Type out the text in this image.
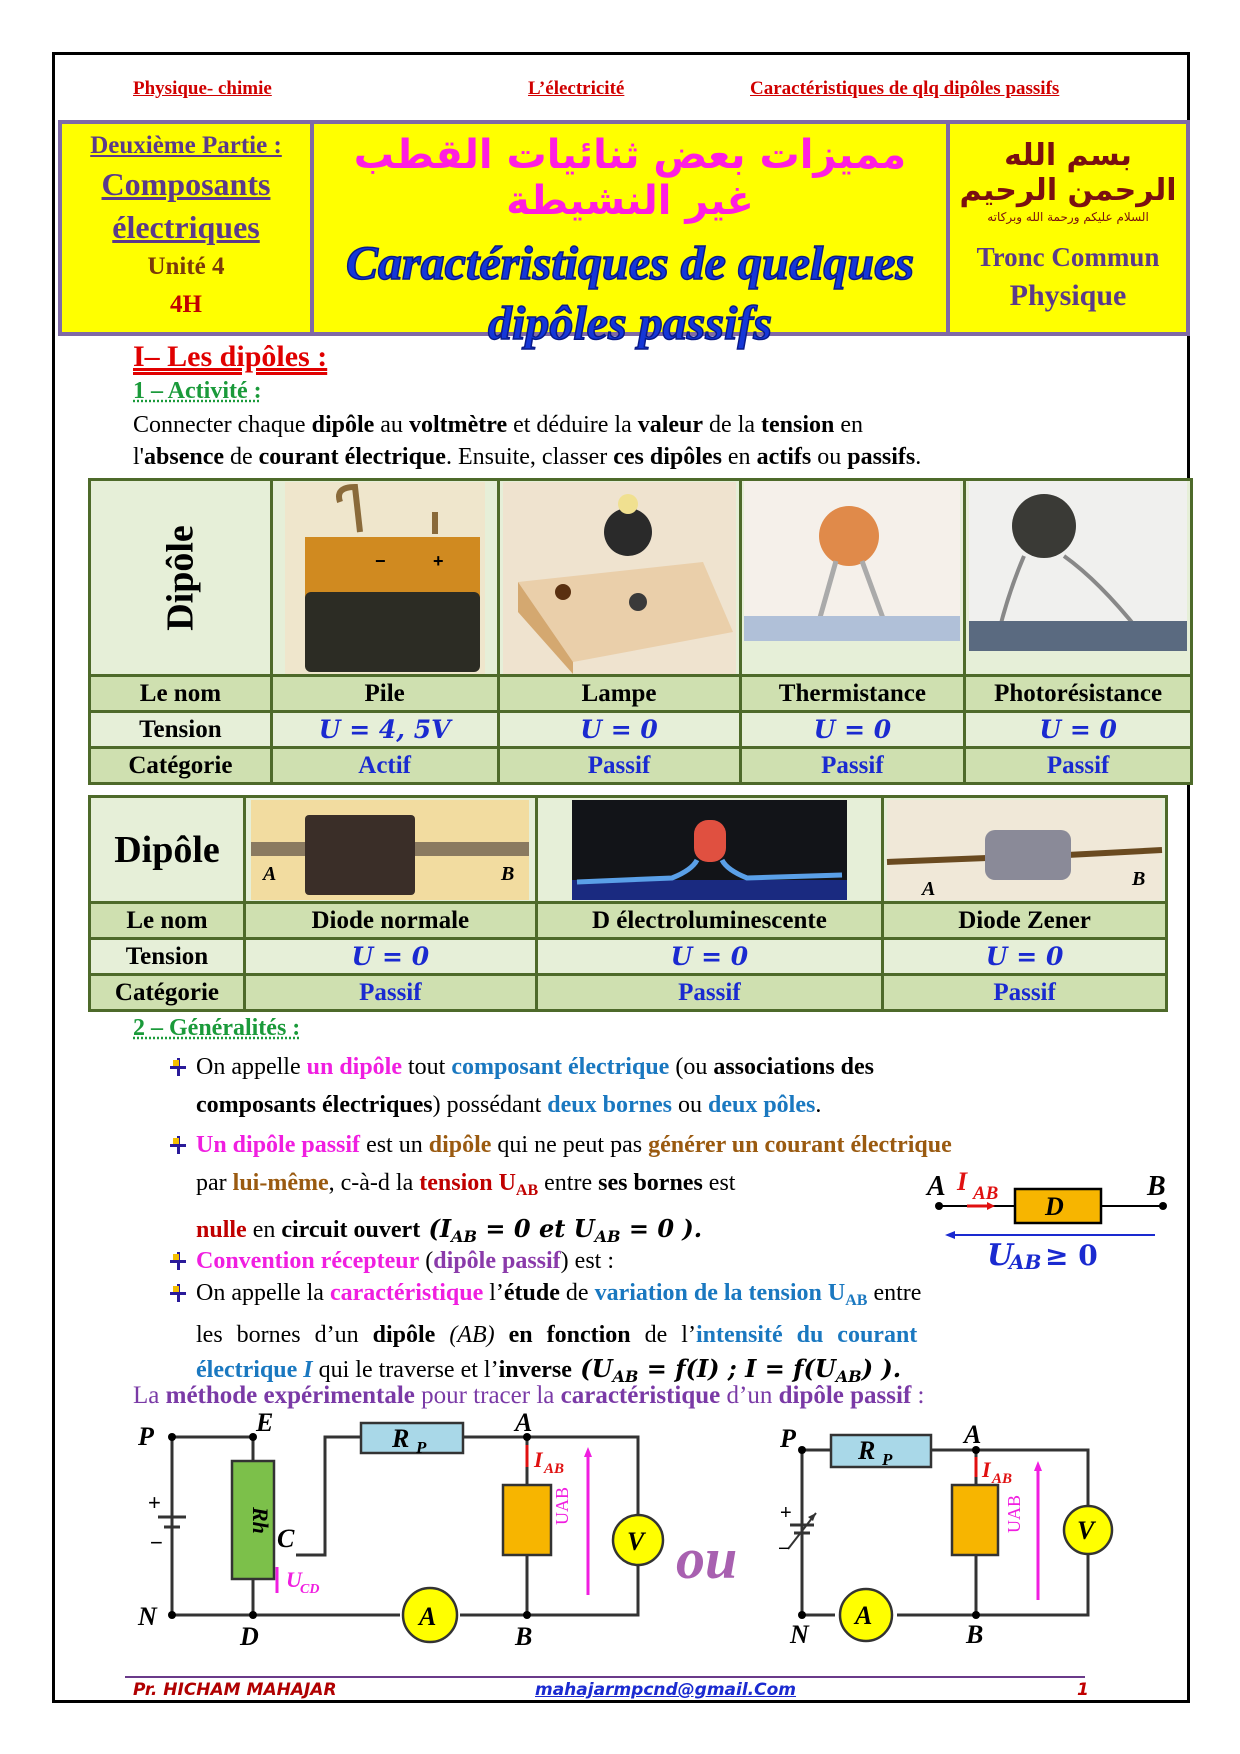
Physique- chimie	L’électricité	Caractéristiques de qlq dipôles passifs
Deuxième Partie :
Composants
électriques
Unité 4
4H
مميزات بعض ثنائيات القطب غير النشيطة
Caractéristiques de quelques
dipôles passifs
بسم الله الرحمن الرحيم
السلام عليكم ورحمة الله وبركاته
Tronc Commun
Physique
I– Les dipôles :
1 – Activité :
Connecter chaque dipôle au voltmètre et déduire la valeur de la tension en
l'absence de courant électrique. Ensuite, classer ces dipôles en actifs ou passifs.
Dipôle	− +

Le nom	Pile	Lampe	Thermistance	Photorésistance
Tension	U = 4, 5V	U = 0	U = 0	U = 0
Catégorie	Actif	Passif	Passif	Passif
Dipôle	A B		A B

Le nom	Diode normale	D électroluminescente	Diode Zener
Tension	U = 0	U = 0	U = 0
Catégorie	Passif	Passif	Passif
2 – Généralités :
On appelle un dipôle tout composant électrique (ou associations des
composants électriques) possédant deux bornes ou deux pôles.
Un dipôle passif est un dipôle qui ne peut pas générer un courant électrique
par lui-même, c-à-d la tension $U_{AB}$ entre ses bornes est
nulle en circuit ouvert ($I_{AB} = 0$ et $U_{AB} = 0$ ).
A I AB D
B
U
AB ≥ 0
Convention récepteur (dipôle passif) est :
On appelle la caractéristique l’étude de variation de la tension $U_{AB}$ entre
les bornes d’un dipôle (AB) en fonction de l’intensité du courant
électrique I qui le traverse et l’inverse ($U_{AB} = f(I)$ ; $I = f(U_{AB})$ ).
La méthode expérimentale pour tracer la caractéristique d’un dipôle passif :
+
−
Rh
R P
P	E
N
D
C
A
U
CD
I AB
UAB
V
A
B
ou
+
−
R P
P	A
N	B
I AB
UAB V
A
Pr. HICHAM MAHAJAR	mahajarmpcnd@gmail.Com	1
